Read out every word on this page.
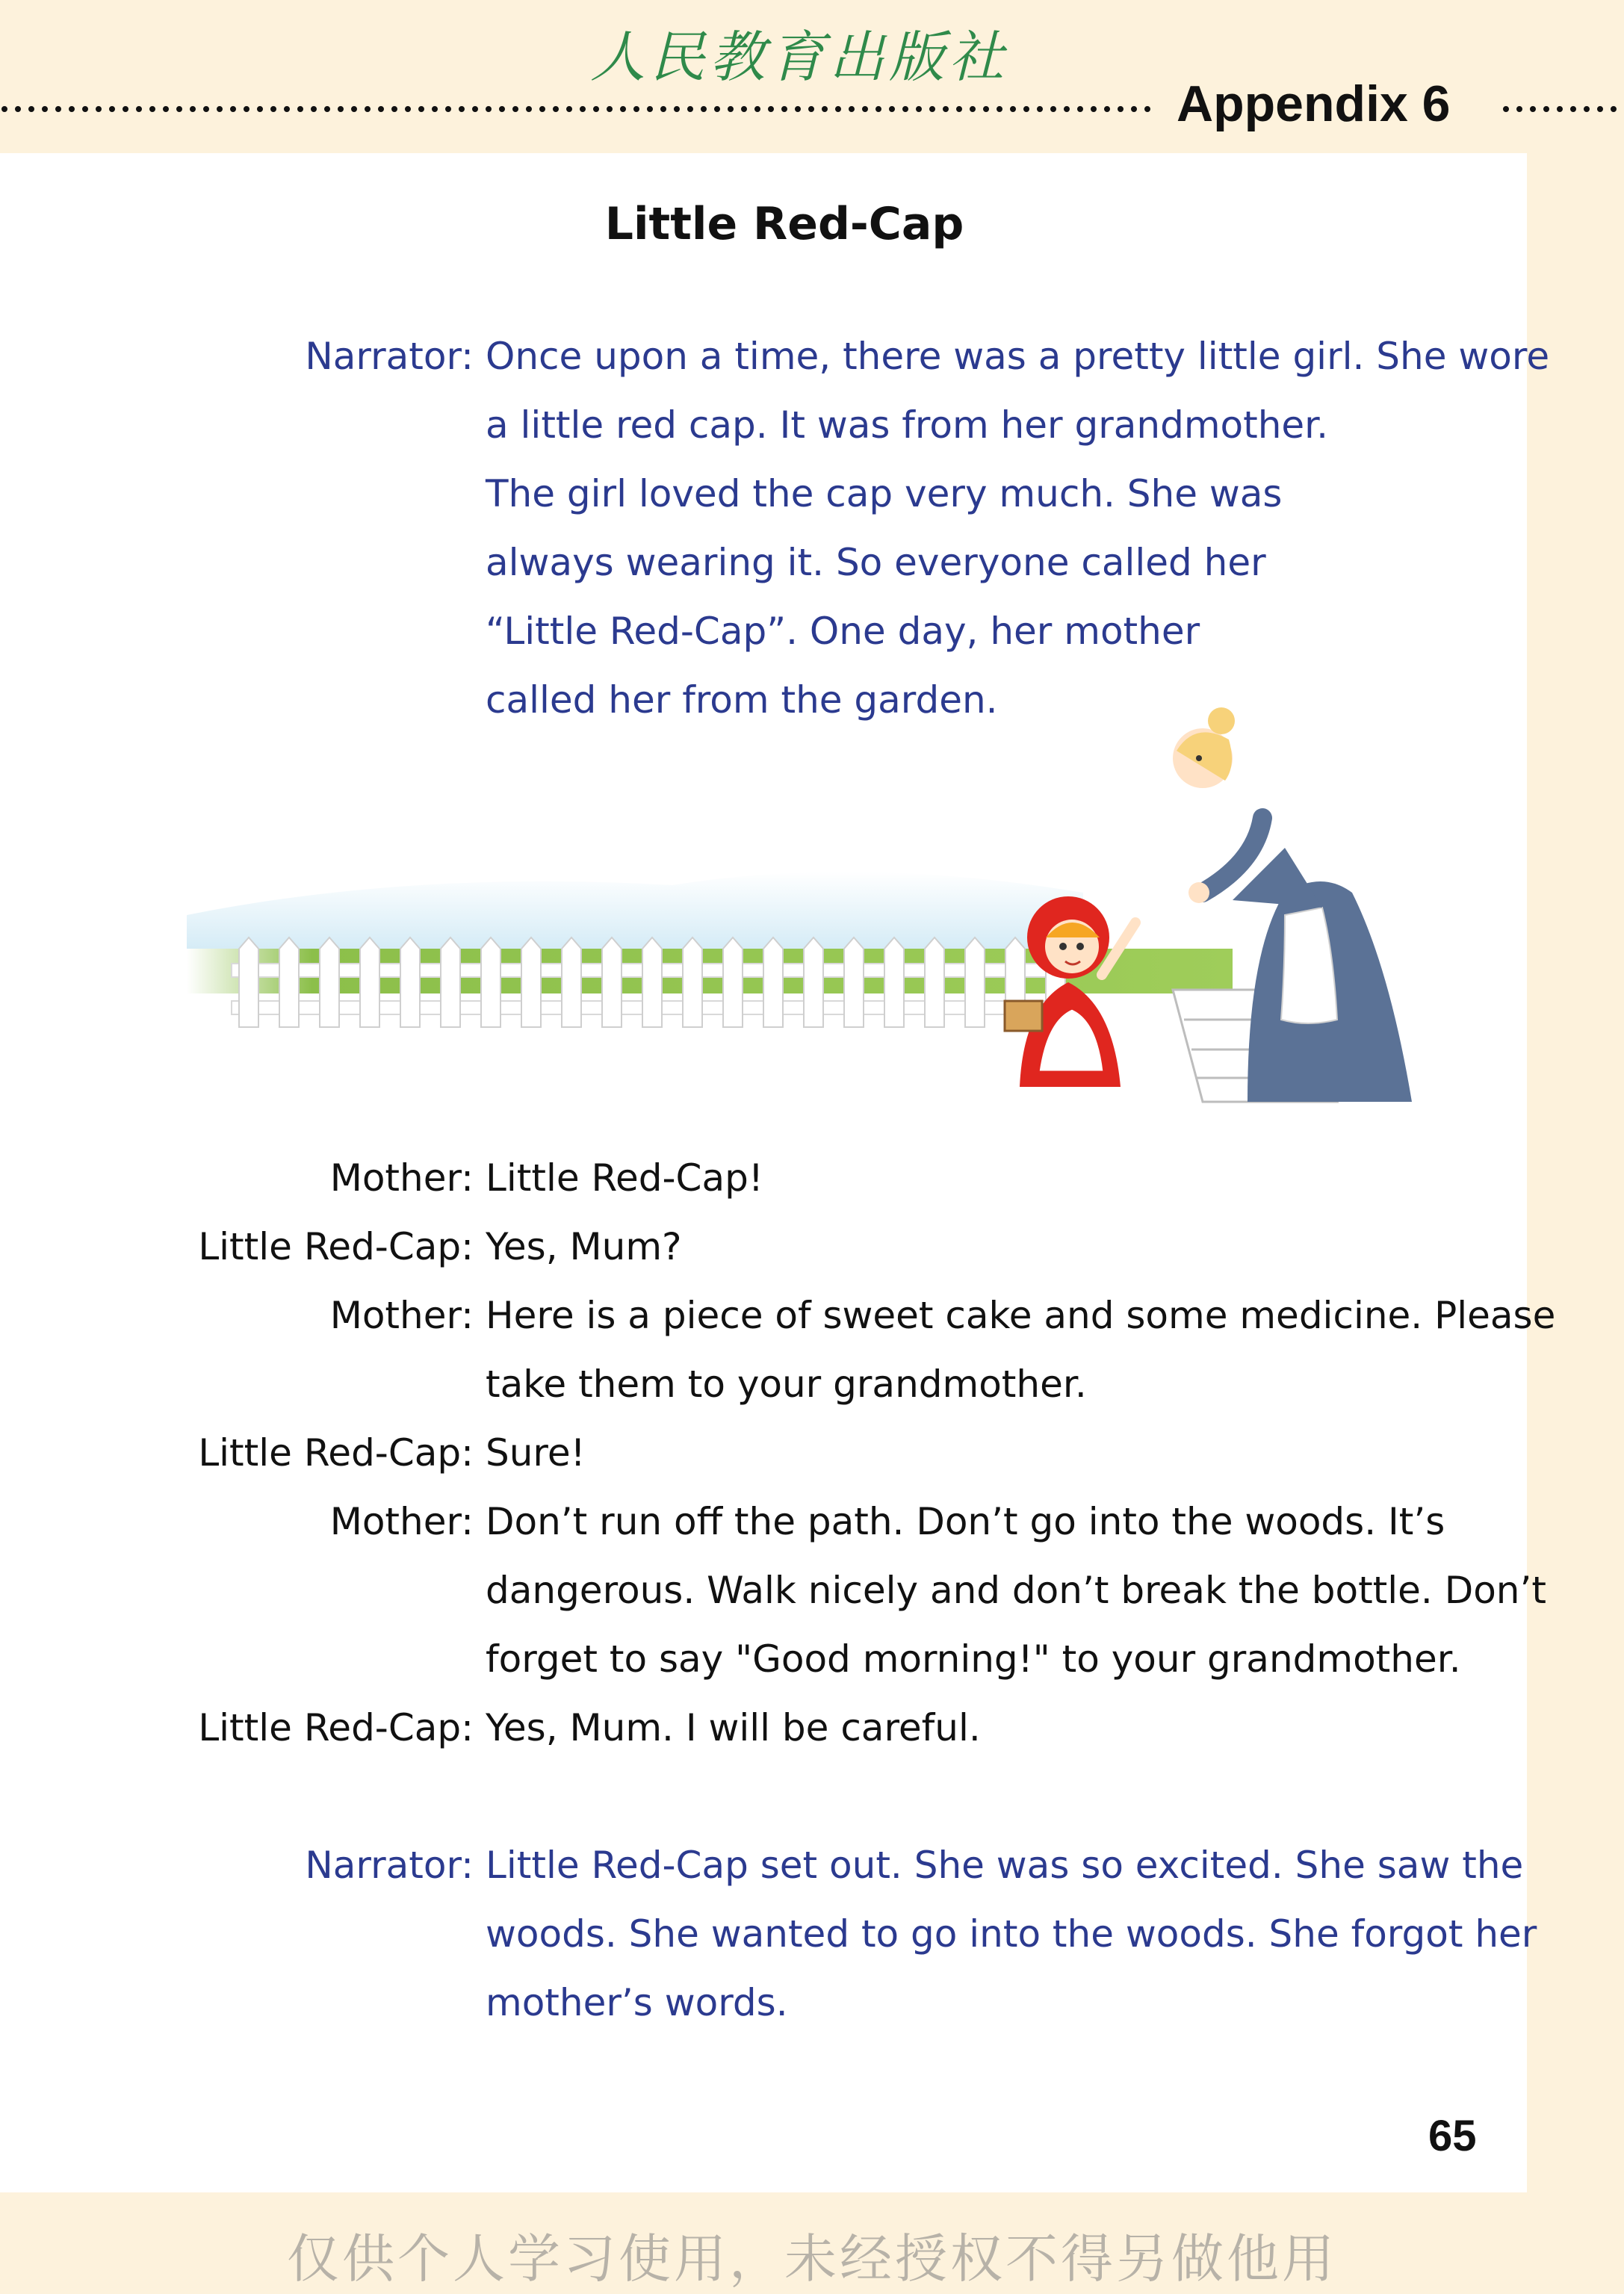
人民教育出版社
Appendix 6
Little Red-Cap
Narrator: Once upon a time, there was a pretty little girl. She wore
a little red cap. It was from her grandmother.
The girl loved the cap very much. She was
always wearing it. So everyone called her
“Little Red-Cap”. One day, her mother
called her from the garden.
Mother: Little Red-Cap!
Little Red-Cap: Yes, Mum?
Mother: Here is a piece of sweet cake and some medicine. Please
take them to your grandmother.
Little Red-Cap: Sure!
Mother: Don’t run off the path. Don’t go into the woods. It’s
dangerous. Walk nicely and don’t break the bottle. Don’t
forget to say "Good morning!" to your grandmother.
Little Red-Cap: Yes, Mum. I will be careful.
Narrator: Little Red-Cap set out. She was so excited. She saw the
woods. She wanted to go into the woods. She forgot her
mother’s words.
65
仅供个人学习使用，未经授权不得另做他用
